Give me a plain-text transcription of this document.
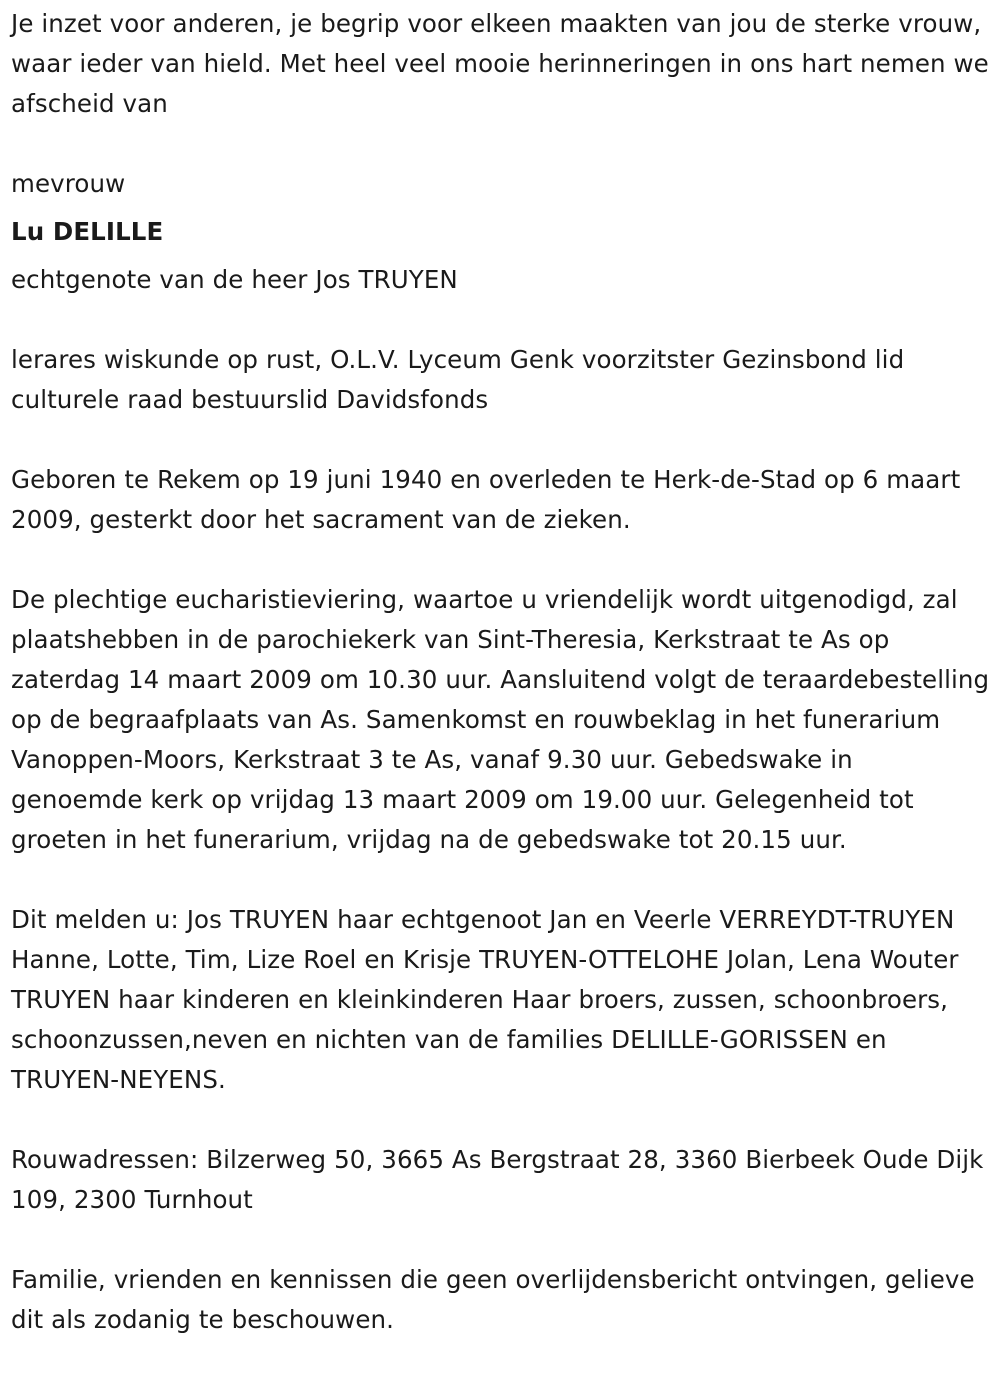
Je inzet voor anderen, je begrip voor elkeen maakten van jou de sterke vrouw, waar ieder van hield. Met heel veel mooie herinneringen in ons hart nemen we afscheid van

mevrouw

Lu DELILLE

echtgenote van de heer Jos TRUYEN

lerares wiskunde op rust, O.L.V. Lyceum Genk voorzitster Gezinsbond lid culturele raad bestuurslid Davidsfonds

Geboren te Rekem op 19 juni 1940 en overleden te Herk-de-Stad op 6 maart 2009, gesterkt door het sacrament van de zieken.

De plechtige eucharistieviering, waartoe u vriendelijk wordt uitgenodigd, zal plaatshebben in de parochiekerk van Sint-Theresia, Kerkstraat te As op zaterdag 14 maart 2009 om 10.30 uur. Aansluitend volgt de teraardebestelling op de begraafplaats van As. Samenkomst en rouwbeklag in het funerarium Vanoppen-Moors, Kerkstraat 3 te As, vanaf 9.30 uur. Gebedswake in genoemde kerk op vrijdag 13 maart 2009 om 19.00 uur. Gelegenheid tot groeten in het funerarium, vrijdag na de gebedswake tot 20.15 uur.

Dit melden u: Jos TRUYEN haar echtgenoot Jan en Veerle VERREYDT-TRUYEN Hanne, Lotte, Tim, Lize Roel en Krisje TRUYEN-OTTELOHE Jolan, Lena Wouter TRUYEN haar kinderen en kleinkinderen Haar broers, zussen, schoonbroers, schoonzussen,neven en nichten van de families DELILLE-GORISSEN en TRUYEN-NEYENS.

Rouwadressen: Bilzerweg 50, 3665 As Bergstraat 28, 3360 Bierbeek Oude Dijk 109, 2300 Turnhout

Familie, vrienden en kennissen die geen overlijdensbericht ontvingen, gelieve dit als zodanig te beschouwen.
